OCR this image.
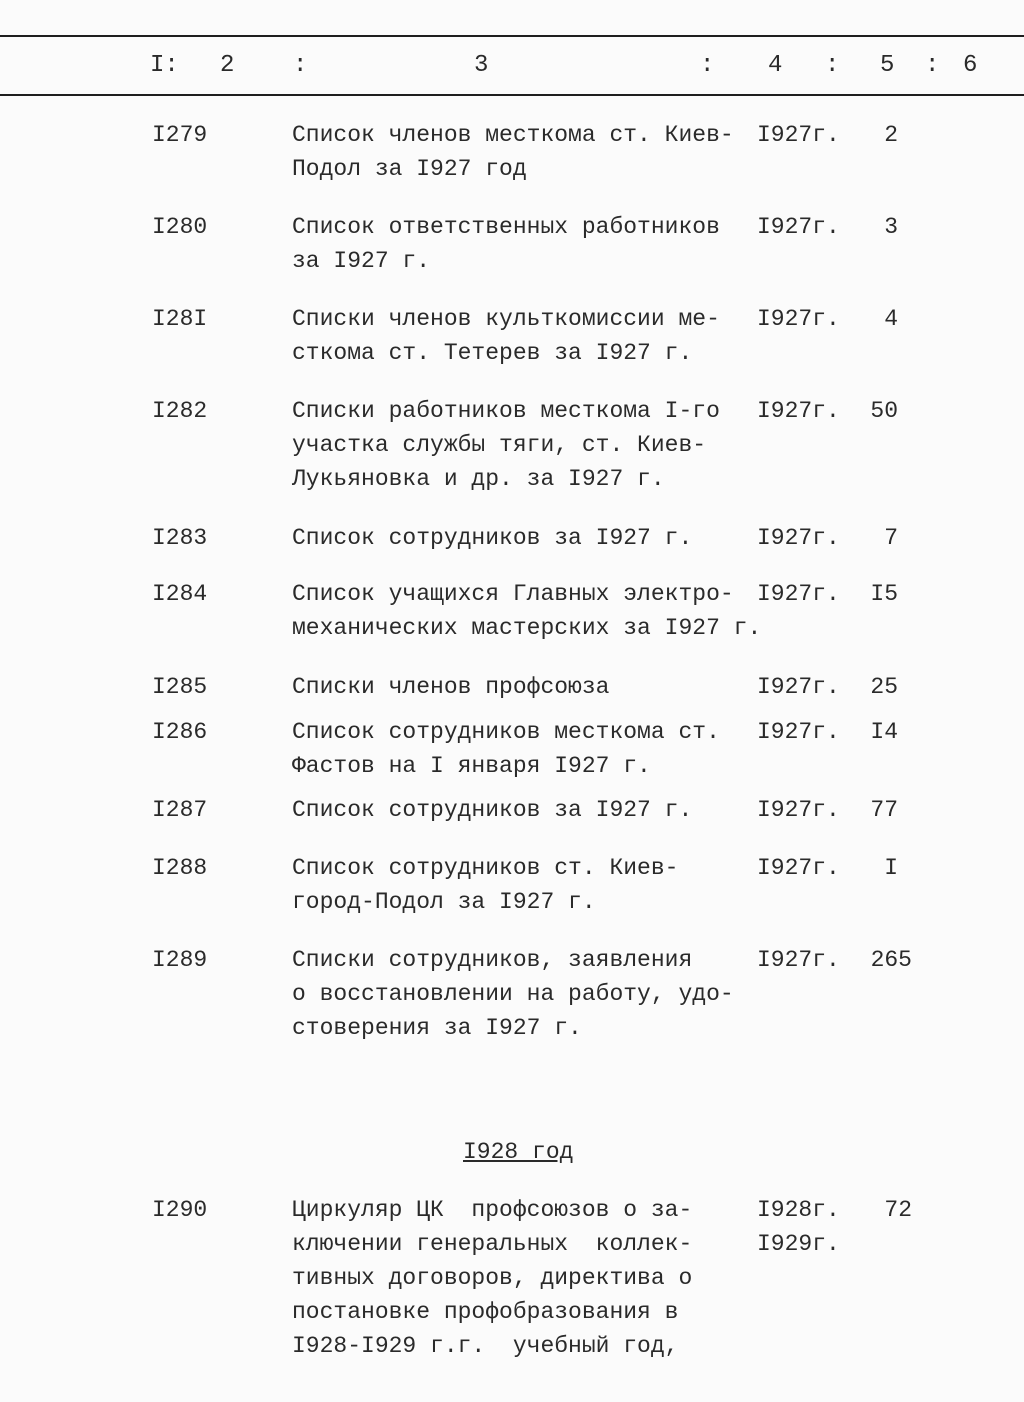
I: 2 :	3	: 4 : 5 : 6
I279	Список членов месткома ст. Киев-
Подол за I927 год
I927г. 2
I280	Список ответственных работников
за I927 г.
I927г. 3
I28I	Списки членов культкомиссии ме-
сткома ст. Тетерев за I927 г.
I927г. 4
I282	Списки работников месткома I-го
участка службы тяги, ст. Киев-
Лукьяновка и др. за I927 г.
I927г. 50
I283	Список сотрудников за I927 г.	I927г. 7
I284	Список учащихся Главных электро-
механических мастерских за I927 г.
I927г. I5
I285	Списки членов профсоюза	I927г. 25
I286	Список сотрудников месткома ст.
Фастов на I января I927 г.
I927г. I4
I287	Список сотрудников за I927 г.	I927г. 77
I288	Список сотрудников ст. Киев-
город-Подол за I927 г.
I927г. I
I289	Списки сотрудников, заявления
о восстановлении на работу, удо-
стоверения за I927 г.
I927г. 265
I290	Циркуляр ЦК  профсоюзов о за-
ключении генеральных  коллек-
тивных договоров, директива о
постановке профобразования в
I928-I929 г.г.  учебный год,
I928г.
I929г.
72
I928 год
